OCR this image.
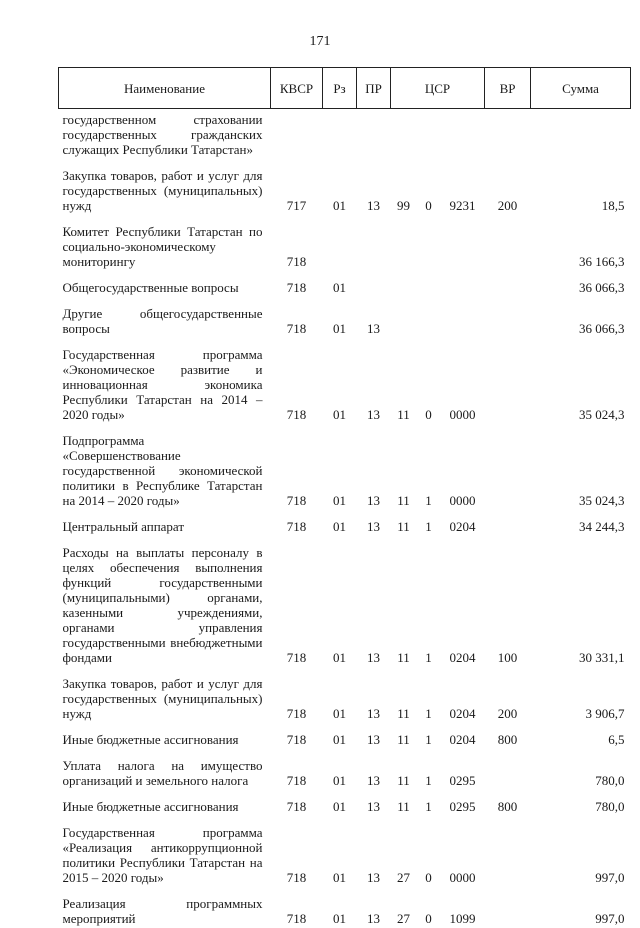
171
Наименование	КВСР	Рз	ПР	ЦСР			ВР	Сумма
государственном страховании государственных гражданских служащих Республики Татарстан»								
Закупка товаров, работ и услуг для государственных (муниципальных) нужд	717	01	13	99	0	9231	200	18,5
Комитет Республики Татарстан по социально-экономическому мониторингу	718							36 166,3
Общегосударственные вопросы	718	01						36 066,3
Другие общегосударственные вопросы	718	01	13					36 066,3
Государственная программа «Экономическое развитие и инновационная экономика Республики Татарстан на 2014 – 2020 годы»	718	01	13	11	0	0000		35 024,3
Подпрограмма «Совершенствование государственной экономической политики в Республике Татарстан на 2014 – 2020 годы»	718	01	13	11	1	0000		35 024,3
Центральный аппарат	718	01	13	11	1	0204		34 244,3
Расходы на выплаты персоналу в целях обеспечения выполнения функций государственными (муниципальными) органами, казенными учреждениями, органами управления государственными внебюджетными фондами	718	01	13	11	1	0204	100	30 331,1
Закупка товаров, работ и услуг для государственных (муниципальных) нужд	718	01	13	11	1	0204	200	3 906,7
Иные бюджетные ассигнования	718	01	13	11	1	0204	800	6,5
Уплата налога на имущество организаций и земельного налога	718	01	13	11	1	0295		780,0
Иные бюджетные ассигнования	718	01	13	11	1	0295	800	780,0
Государственная программа «Реализация антикоррупционной политики Республики Татарстан на 2015 – 2020 годы»	718	01	13	27	0	0000		997,0
Реализация программных мероприятий	718	01	13	27	0	1099		997,0
